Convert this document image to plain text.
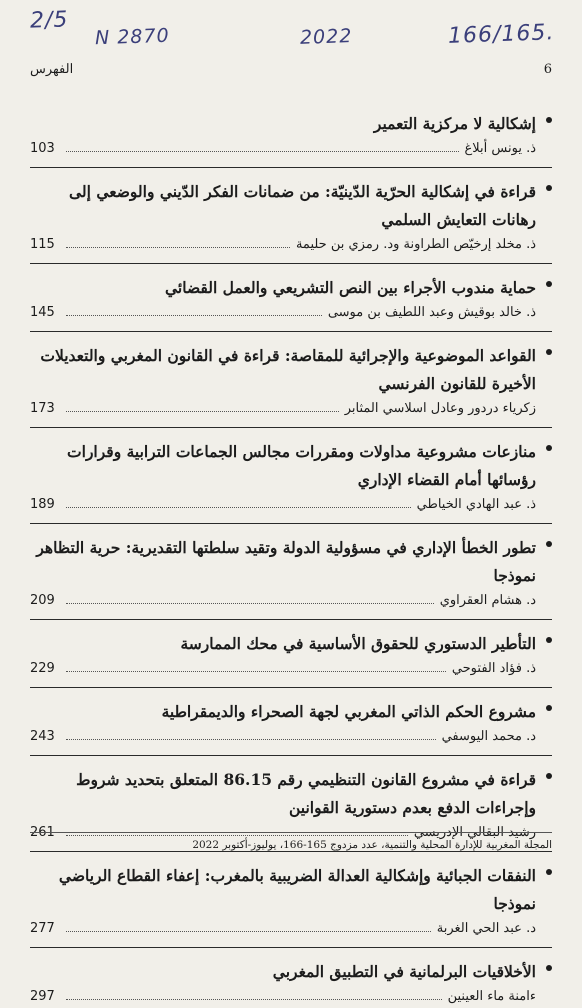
2/5
N 2870	2022	166/165.
6
الفهرس
إشكالية لا مركزية التعمير
ذ. يونس أبلاغ
103
قراءة في إشكالية الحرّية الدّينيّة: من ضمانات الفكر الدّيني والوضعي إلى رهانات التعايش السلمي
ذ. مخلد إرخيّص الطراونة ود. رمزي بن حليمة
115
حماية مندوب الأجراء بين النص التشريعي والعمل القضائي
ذ. خالد بوقيش وعبد اللطيف بن موسى
145
القواعد الموضوعية والإجرائية للمقاصة: قراءة في القانون المغربي والتعديلات الأخيرة للقانون الفرنسي
زكرياء دردور وعادل اسلاسي المثابر
173
منازعات مشروعية مداولات ومقررات مجالس الجماعات الترابية وقرارات رؤسائها أمام القضاء الإداري
ذ. عبد الهادي الخياطي
189
تطور الخطأ الإداري في مسؤولية الدولة وتقيد سلطتها التقديرية: حرية التظاهر نموذجا
د. هشام العقراوي
209
التأطير الدستوري للحقوق الأساسية في محك الممارسة
ذ. فؤاد الفتوحي
229
مشروع الحكم الذاتي المغربي لجهة الصحراء والديمقراطية
د. محمد اليوسفي
243
قراءة في مشروع القانون التنظيمي رقم 86.15 المتعلق بتحديد شروط وإجراءات الدفع بعدم دستورية القوانين
رشيد البقالي الإدريسي
261
النفقات الجبائية وإشكالية العدالة الضريبية بالمغرب: إعفاء القطاع الرياضي نموذجا
د. عبد الحي الغربة
277
الأخلاقيات البرلمانية في التطبيق المغربي
ءامنة ماء العينين
297
المجلة المغربية للإدارة المحلية والتنمية، عدد مزدوج 165-166، يوليوز-أكتوبر 2022
